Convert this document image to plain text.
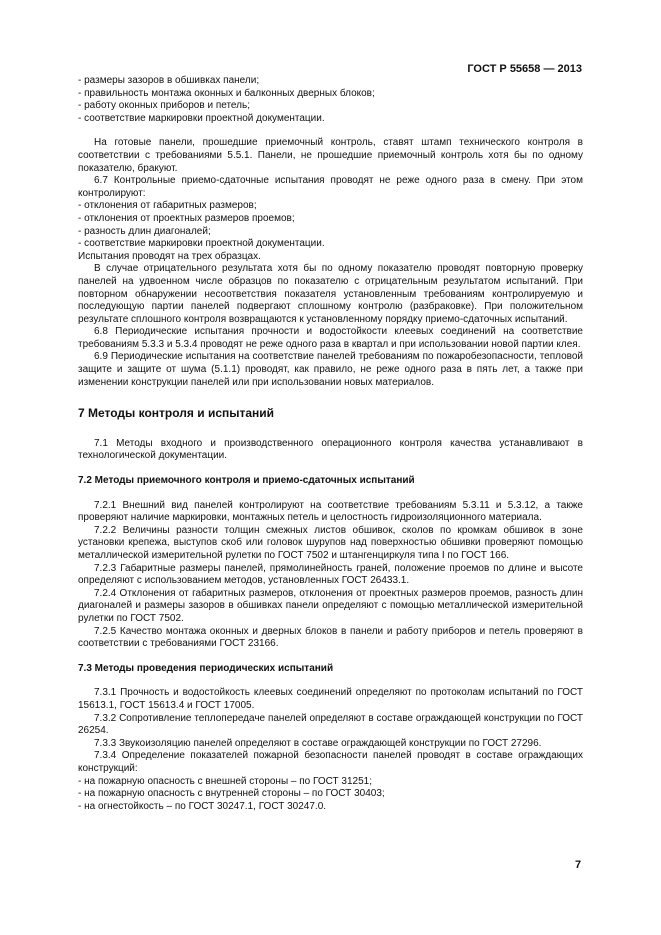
ГОСТ Р 55658 — 2013

- размеры зазоров в обшивках панели;

- правильность монтажа оконных и балконных дверных блоков;

- работу оконных приборов и петель;

- соответствие маркировки проектной документации.

На готовые панели, прошедшие приемочный контроль, ставят штамп технического контроля в соответствии с требованиями 5.5.1. Панели, не прошедшие приемочный контроль хотя бы по одному показателю, бракуют.

6.7 Контрольные приемо-сдаточные испытания проводят не реже одного раза в смену. При этом контролируют:

- отклонения от габаритных размеров;

- отклонения от проектных размеров проемов;

- разность длин диагоналей;

- соответствие маркировки проектной документации.

Испытания проводят на трех образцах.

В случае отрицательного результата хотя бы по одному показателю проводят повторную проверку панелей на удвоенном числе образцов по показателю с отрицательным результатом испытаний. При повторном обнаружении несоответствия показателя установленным требованиям контролируемую и последующую партии панелей подвергают сплошному контролю (разбраковке). При положительном результате сплошного контроля возвращаются к установленному порядку приемо-сдаточных испытаний.

6.8 Периодические испытания прочности и водостойкости клеевых соединений на соответствие требованиям 5.3.3 и 5.3.4 проводят не реже одного раза в квартал и при использовании новой партии клея.

6.9 Периодические испытания на соответствие панелей требованиям по пожаробезопасности, тепловой защите и защите от шума (5.1.1) проводят, как правило, не реже одного раза в пять лет, а также при изменении конструкции панелей или при использовании новых материалов.

7 Методы контроля и испытаний

7.1 Методы входного и производственного операционного контроля качества устанавливают в технологической документации.

7.2 Методы приемочного контроля и приемо-сдаточных испытаний

7.2.1 Внешний вид панелей контролируют на соответствие требованиям 5.3.11 и 5.3.12, а также проверяют наличие маркировки, монтажных петель и целостность гидроизоляционного материала.

7.2.2 Величины разности толщин смежных листов обшивок, сколов по кромкам обшивок в зоне установки крепежа, выступов скоб или головок шурупов над поверхностью обшивки проверяют помощью металлической измерительной рулетки по ГОСТ 7502 и штангенциркуля типа I по ГОСТ 166.

7.2.3 Габаритные размеры панелей, прямолинейность граней, положение проемов по длине и высоте определяют с использованием методов, установленных ГОСТ 26433.1.

7.2.4 Отклонения от габаритных размеров, отклонения от проектных размеров проемов, разность длин диагоналей и размеры зазоров в обшивках панели определяют с помощью металлической измерительной рулетки по ГОСТ 7502.

7.2.5 Качество монтажа оконных и дверных блоков в панели и работу приборов и петель проверяют в соответствии с требованиями ГОСТ 23166.

7.3 Методы проведения периодических испытаний

7.3.1 Прочность и водостойкость клеевых соединений определяют по протоколам испытаний по ГОСТ 15613.1, ГОСТ 15613.4 и ГОСТ 17005.

7.3.2 Сопротивление теплопередаче панелей определяют в составе ограждающей конструкции по ГОСТ 26254.

7.3.3 Звукоизоляцию панелей определяют в составе ограждающей конструкции по ГОСТ 27296.

7.3.4 Определение показателей пожарной безопасности панелей проводят в составе ограждающих конструкций:

- на пожарную опасность с внешней стороны – по ГОСТ 31251;

- на пожарную опасность с внутренней стороны – по ГОСТ 30403;

- на огнестойкость – по ГОСТ 30247.1, ГОСТ 30247.0.

7
